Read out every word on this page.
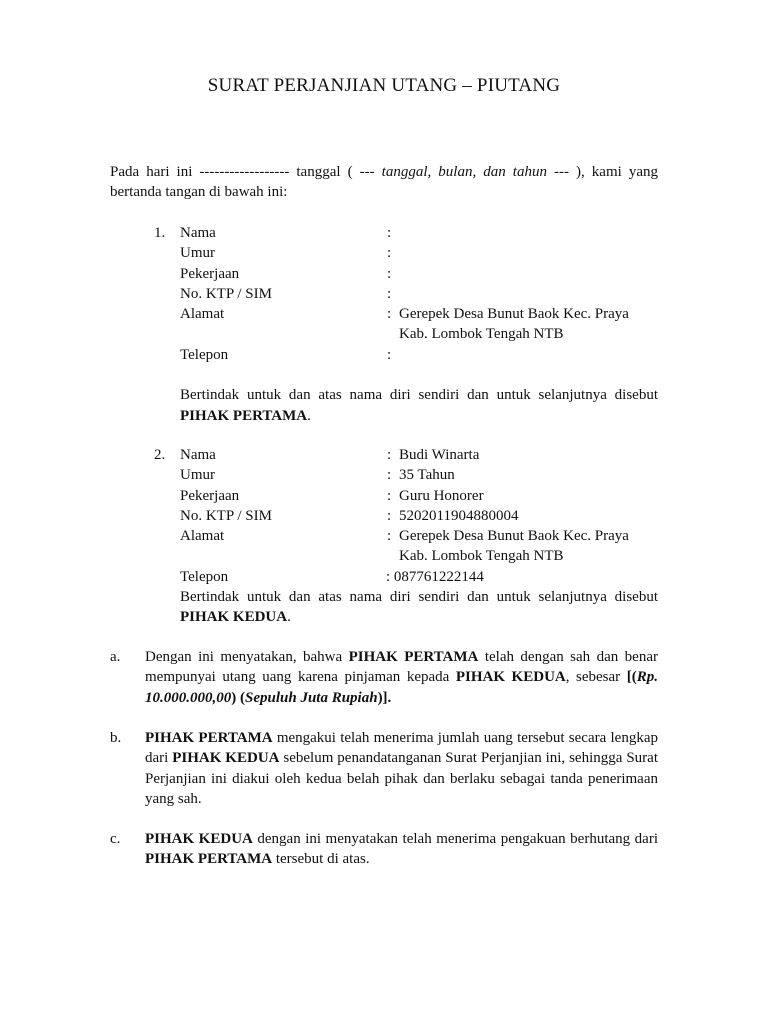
SURAT PERJANJIAN UTANG – PIUTANG
Pada hari ini ------------------ tanggal ( --- tanggal, bulan, dan tahun --- ), kami yang bertanda tangan di bawah ini:
1. Nama	:
Umur	:
Pekerjaan	:
No. KTP / SIM	:
Alamat	: Gerepek Desa Bunut Baok Kec. Praya
Kab. Lombok Tengah NTB
Telepon	:
Bertindak untuk dan atas nama diri sendiri dan untuk selanjutnya disebut PIHAK PERTAMA.
2. Nama	: Budi Winarta
Umur	: 35 Tahun
Pekerjaan	: Guru Honorer
No. KTP / SIM	: 5202011904880004
Alamat	: Gerepek Desa Bunut Baok Kec. Praya
Kab. Lombok Tengah NTB
Telepon	: 087761222144
Bertindak untuk dan atas nama diri sendiri dan untuk selanjutnya disebut PIHAK KEDUA.
a. Dengan ini menyatakan, bahwa PIHAK PERTAMA telah dengan sah dan benar mempunyai utang uang karena pinjaman kepada PIHAK KEDUA, sebesar [(Rp. 10.000.000,00) (Sepuluh Juta Rupiah)].
b. PIHAK PERTAMA mengakui telah menerima jumlah uang tersebut secara lengkap dari PIHAK KEDUA sebelum penandatanganan Surat Perjanjian ini, sehingga Surat Perjanjian ini diakui oleh kedua belah pihak dan berlaku sebagai tanda penerimaan yang sah.
c. PIHAK KEDUA dengan ini menyatakan telah menerima pengakuan berhutang dari PIHAK PERTAMA tersebut di atas.
